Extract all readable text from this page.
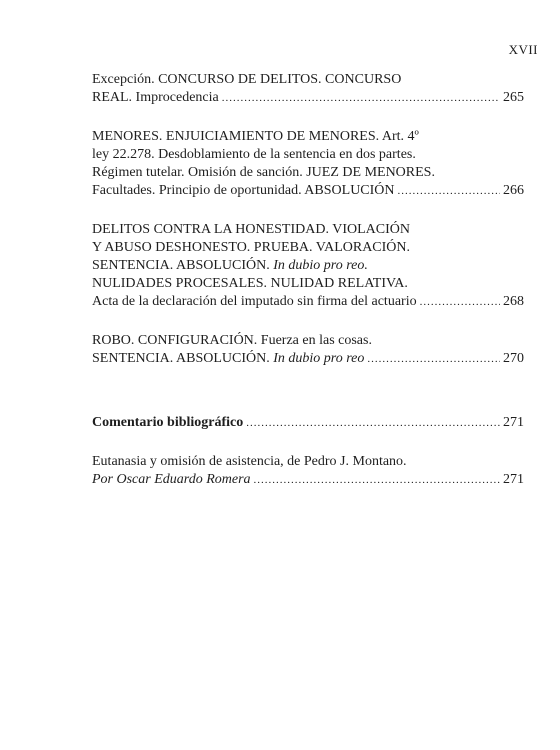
XVII
Excepción. CONCURSO DE DELITOS. CONCURSO
REAL. Improcedencia .....	265
MENORES. ENJUICIAMIENTO DE MENORES. Art. 4º
ley 22.278. Desdoblamiento de la sentencia en dos partes.
Régimen tutelar. Omisión de sanción. JUEZ DE MENORES.
Facultades. Principio de oportunidad. ABSOLUCIÓN .....	266
DELITOS CONTRA LA HONESTIDAD. VIOLACIÓN
Y ABUSO DESHONESTO. PRUEBA. VALORACIÓN.
SENTENCIA. ABSOLUCIÓN. In dubio pro reo.
NULIDADES PROCESALES. NULIDAD RELATIVA.
Acta de la declaración del imputado sin firma del actuario .....	268
ROBO. CONFIGURACIÓN. Fuerza en las cosas.
SENTENCIA. ABSOLUCIÓN. In dubio pro reo .....	270
Comentario bibliográfico .....	271
Eutanasia y omisión de asistencia, de Pedro J. Montano.
Por Oscar Eduardo Romera .....	271
